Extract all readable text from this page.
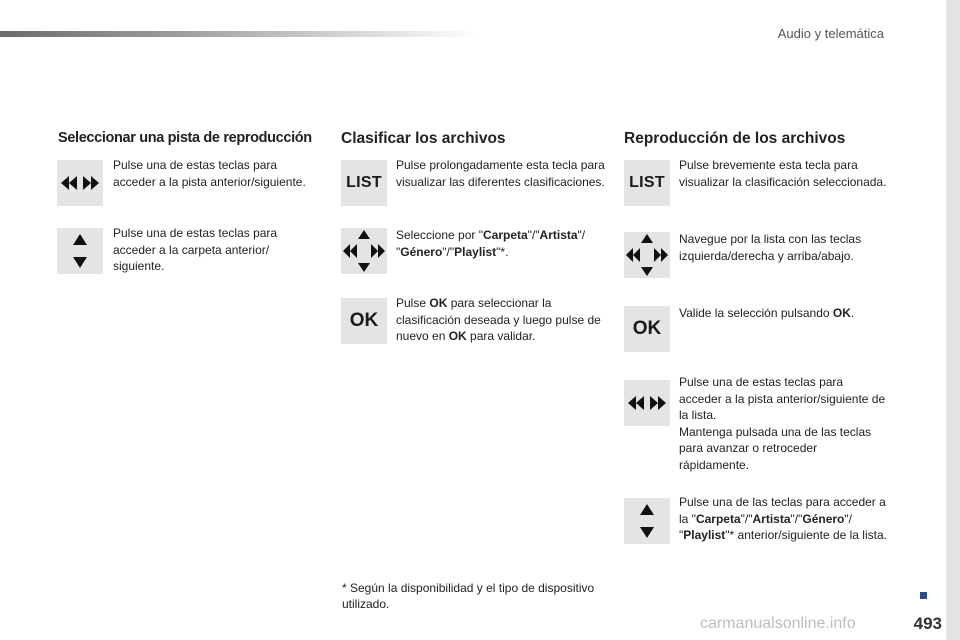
Audio y telemática
Seleccionar una pista de reproducción Clasificar los archivos	Reproducción de los archivos
Pulse una de estas teclas para acceder a la pista anterior/siguiente.
Pulse una de estas teclas para acceder a la carpeta anterior/ siguiente.
LIST
Pulse prolongadamente esta tecla para visualizar las diferentes clasificaciones.
Seleccione por "Carpeta"/"Artista"/ "Género"/"Playlist"*.
OK
Pulse OK para seleccionar la clasificación deseada y luego pulse de nuevo en OK para validar.
LIST
Pulse brevemente esta tecla para visualizar la clasificación seleccionada.
Navegue por la lista con las teclas izquierda/derecha y arriba/abajo.
OK
Valide la selección pulsando OK.
Pulse una de estas teclas para acceder a la pista anterior/siguiente de la lista.
Mantenga pulsada una de las teclas para avanzar o retroceder rápidamente.
Pulse una de las teclas para acceder a la "Carpeta"/"Artista"/"Género"/ "Playlist"* anterior/siguiente de la lista.
* Según la disponibilidad y el tipo de dispositivo utilizado.
493
carmanualsonline.info
